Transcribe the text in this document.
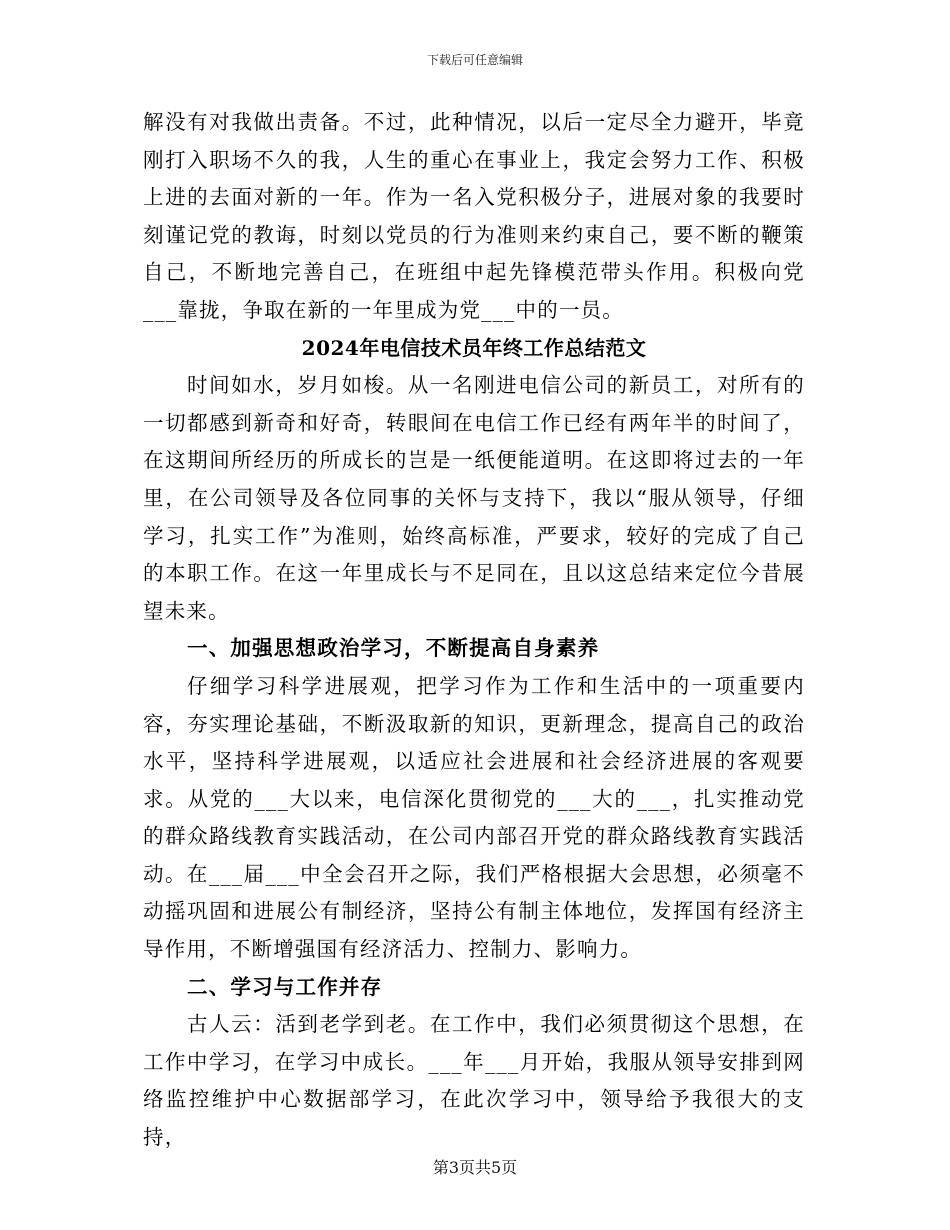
下载后可任意编辑

解没有对我做出责备。不过，此种情况，以后一定尽全力避开，毕竟刚打入职场不久的我，人生的重心在事业上，我定会努力工作、积极上进的去面对新的一年。作为一名入党积极分子，进展对象的我要时刻谨记党的教诲，时刻以党员的行为准则来约束自己，要不断的鞭策自己，不断地完善自己，在班组中起先锋模范带头作用。积极向党___靠拢，争取在新的一年里成为党___中的一员。

2024年电信技术员年终工作总结范文

时间如水，岁月如梭。从一名刚进电信公司的新员工，对所有的一切都感到新奇和好奇，转眼间在电信工作已经有两年半的时间了，在这期间所经历的所成长的岂是一纸便能道明。在这即将过去的一年里，在公司领导及各位同事的关怀与支持下，我以“服从领导，仔细学习，扎实工作”为准则，始终高标准，严要求，较好的完成了自己的本职工作。在这一年里成长与不足同在，且以这总结来定位今昔展望未来。

一、加强思想政治学习，不断提高自身素养

仔细学习科学进展观，把学习作为工作和生活中的一项重要内容，夯实理论基础，不断汲取新的知识，更新理念，提高自己的政治水平，坚持科学进展观，以适应社会进展和社会经济进展的客观要求。从党的___大以来，电信深化贯彻党的___大的___，扎实推动党的群众路线教育实践活动，在公司内部召开党的群众路线教育实践活动。在___届___中全会召开之际，我们严格根据大会思想，必须毫不动摇巩固和进展公有制经济，坚持公有制主体地位，发挥国有经济主导作用，不断增强国有经济活力、控制力、影响力。

二、学习与工作并存

古人云：活到老学到老。在工作中，我们必须贯彻这个思想，在工作中学习，在学习中成长。___年___月开始，我服从领导安排到网络监控维护中心数据部学习，在此次学习中，领导给予我很大的支持，

第3页共5页
